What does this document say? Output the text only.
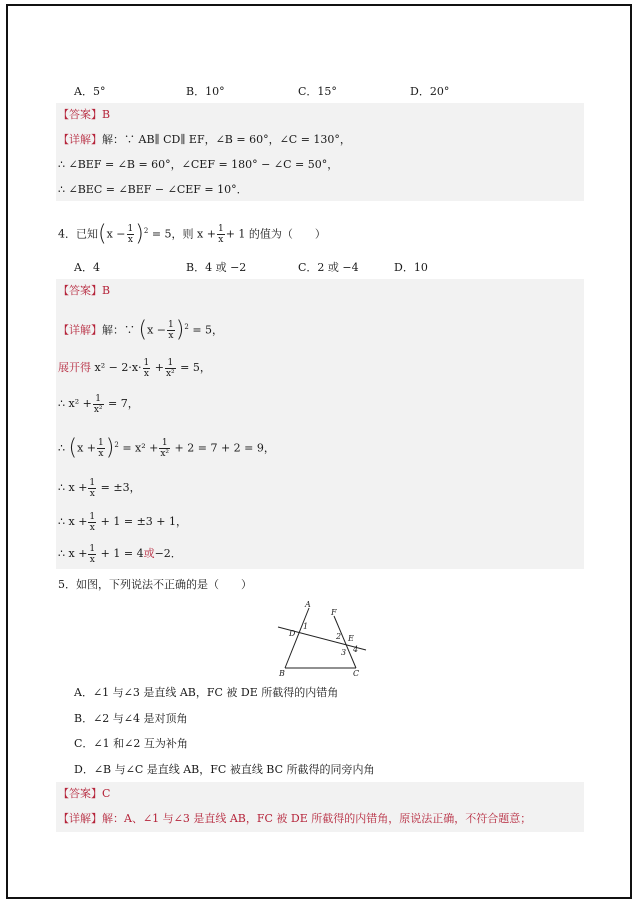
A．5°	B．10°	C．15°	D．20°
【答案】B
【详解】解：∵ AB∥ CD∥ EF，∠B = 60°，∠C = 130°，
∴ ∠BEF = ∠B = 60°，∠CEF = 180° − ∠C = 50°，
∴ ∠BEC = ∠BEF − ∠CEF = 10°．
4．已知$(x - \frac{1}{x} )^2 = 5$，则 $x + \frac{1}{x} + 1$ 的值为（　　）
A．4	B．4 或 −2	C．2 或 −4	D．10
【答案】B
【详解】解：∵ $(x - \frac{1}{x} )^2 = 5$，
展开得 $x^2 - 2\cdot x\cdot \frac{1}{x} + \frac{1}{\text{x²}} = 5$，
∴ $x^2 + \frac{1}{\text{x²}} = 7$，
∴ $(x + \frac{1}{x} )^2 = x^2 + \frac{1}{\text{x²}} + 2 = 7 + 2 = 9$，
∴ $x + \frac{1}{x} = \pm 3$，
∴ $x + \frac{1}{x} + 1 = \pm 3 + 1$，
∴ $x + \frac{1}{x} + 1 = 4$或−2．
5．如图，下列说法不正确的是（　　）
A
F
D
1
2 E
4
3
B	C
A．∠1 与∠3 是直线 AB，FC 被 DE 所截得的内错角
B．∠2 与∠4 是对顶角
C．∠1 和∠2 互为补角
D．∠B 与∠C 是直线 AB，FC 被直线 BC 所截得的同旁内角
【答案】C
【详解】解：A、∠1 与∠3 是直线 AB，FC 被 DE 所截得的内错角，原说法正确，不符合题意；
